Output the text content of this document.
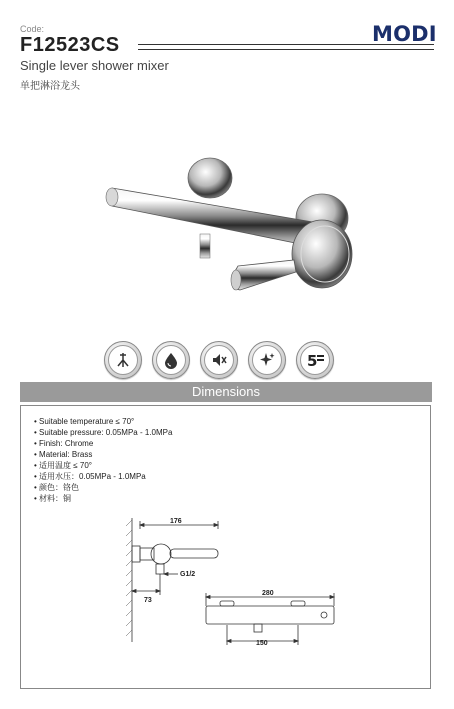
Code:
F12523CS	MODI
Single lever shower mixer
单把淋浴龙头
5
Dimensions
• Suitable temperature ≤ 70°
• Suitable pressure: 0.05MPa - 1.0MPa
• Finish: Chrome
• Material: Brass
• 适用温度 ≤ 70°
• 适用水压：0.05MPa - 1.0MPa
• 颜色：铬色
• 材料：铜
176
G1/2
73
280
150
